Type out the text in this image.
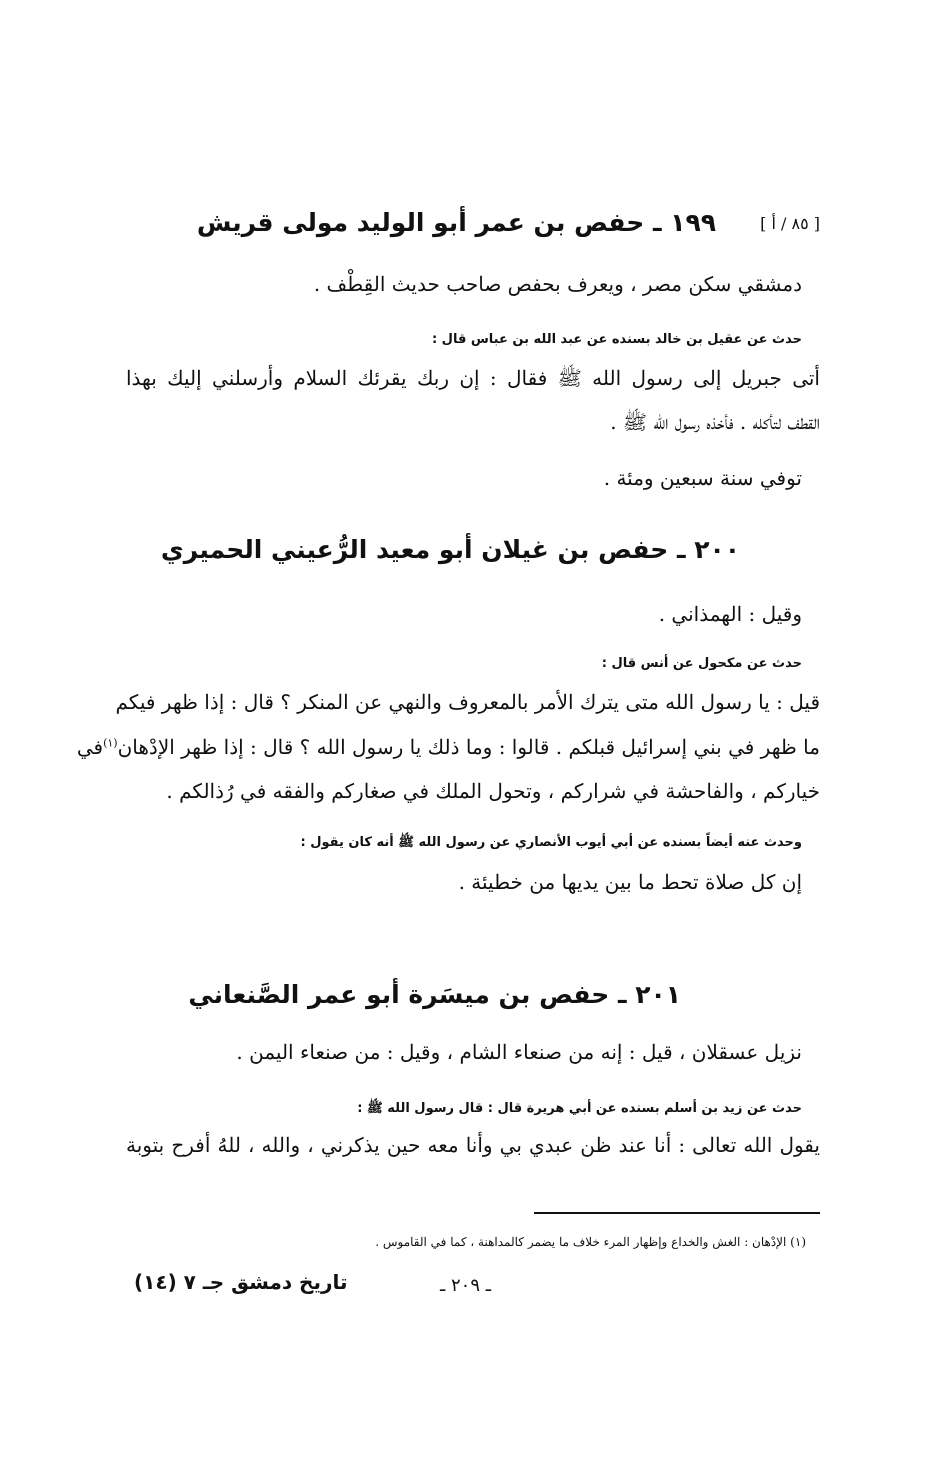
[ ٨٥ / أ ]
١٩٩ ـ حفص بن عمر أبو الوليد مولى قريش
دمشقي سكن مصر ، ويعرف بحفص صاحب حديث القِطْف .
حدث عن عقيل بن خالد بسنده عن عبد الله بن عباس قال :
أتى جبريل إلى رسول الله ﷺ فقال : إن ربك يقرئك السلام وأرسلني إليك بهذا
القطف لتأكله . فأخذه رسول الله ﷺ .
توفي سنة سبعين ومئة .
٢٠٠ ـ حفص بن غيلان أبو معيد الرُّعيني الحميري
وقيل : الهمذاني .
حدث عن مكحول عن أنس قال :
قيل : يا رسول الله متى يترك الأمر بالمعروف والنهي عن المنكر ؟ قال : إذا ظهر فيكم
ما ظهر في بني إسرائيل قبلكم . قالوا : وما ذلك يا رسول الله ؟ قال : إذا ظهر الإدْهان$^{(١)}$
في
خياركم ، والفاحشة في شراركم ، وتحول الملك في صغاركم والفقه في رُذالكم .
وحدث عنه أيضاً بسنده عن أبي أيوب الأنصاري عن رسول الله ﷺ أنه كان يقول :
إن كل صلاة تحط ما بين يديها من خطيئة .
٢٠١ ـ حفص بن ميسَرة أبو عمر الصَّنعاني
نزيل عسقلان ، قيل : إنه من صنعاء الشام ، وقيل : من صنعاء اليمن .
حدث عن زيد بن أسلم بسنده عن أبي هريرة قال : قال رسول الله ﷺ :
يقول الله تعالى : أنا عند ظن عبدي بي وأنا معه حين يذكرني ، والله ، للهُ أفرح بتوبة
(١) الإدْهان : الغش والخداع وإظهار المرء خلاف ما يضمر كالمداهنة ، كما في القاموس .
ـ ٢٠٩ ـ
تاريخ دمشق جـ ٧ (١٤)
